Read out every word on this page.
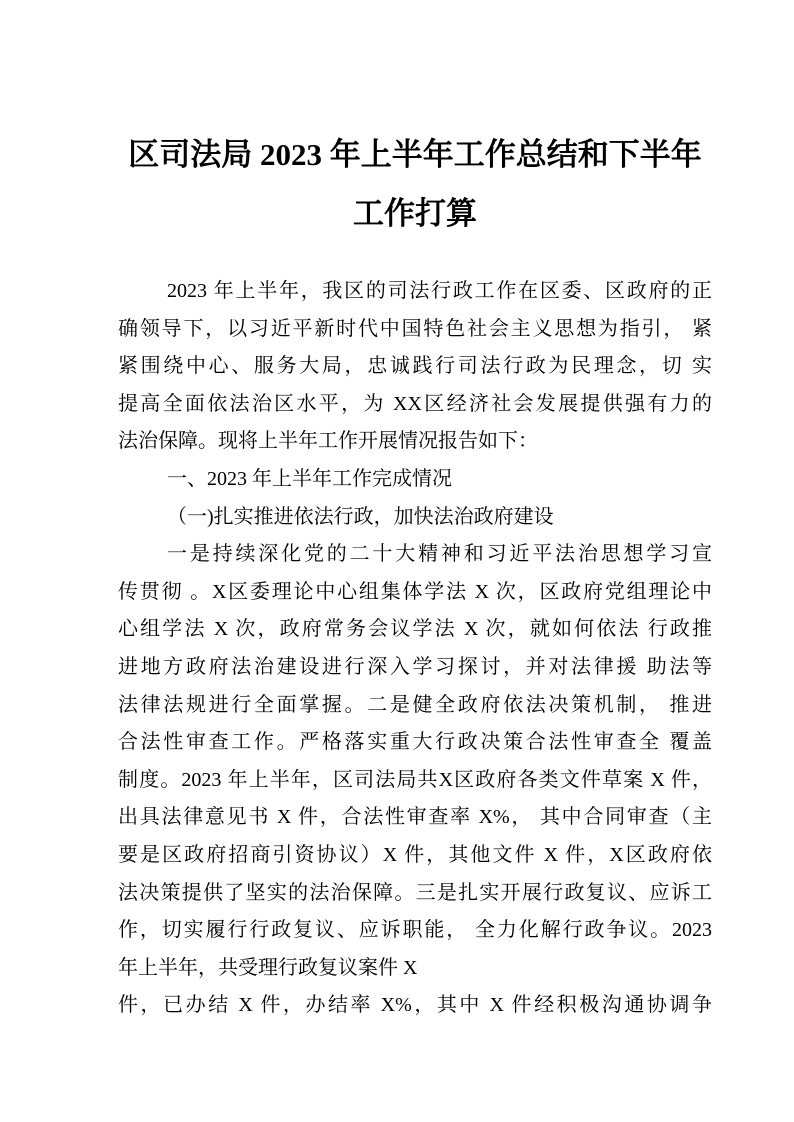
区司法局 2023 年上半年工作总结和下半年
工作打算
2023 年上半年，我区的司法行政工作在区委、区政府的正
确领导下，以习近平新时代中国特色社会主义思想为指引， 紧
紧围绕中心、服务大局，忠诚践行司法行政为民理念，切 实
提高全面依法治区水平，为 XX区经济社会发展提供强有力的
法治保障。现将上半年工作开展情况报告如下：
一、2023 年上半年工作完成情况
（一)扎实推进依法行政，加快法治政府建设
一是持续深化党的二十大精神和习近平法治思想学习宣
传贯彻 。X区委理论中心组集体学法 X 次，区政府党组理论中
心组学法 X 次，政府常务会议学法 X 次，就如何依法 行政推
进地方政府法治建设进行深入学习探讨，并对法律援 助法等
法律法规进行全面掌握。二是健全政府依法决策机制， 推进
合法性审查工作。严格落实重大行政决策合法性审查全 覆盖
制度。2023 年上半年，区司法局共X区政府各类文件草案 X 件，
出具法律意见书 X 件，合法性审查率 X%， 其中合同审查（主
要是区政府招商引资协议）X 件，其他文件 X 件，X区政府依
法决策提供了坚实的法治保障。三是扎实开展行政复议、应诉工
作，切实履行行政复议、应诉职能， 全力化解行政争议。2023
年上半年，共受理行政复议案件 X
件，已办结 X 件，办结率 X%，其中 X 件经积极沟通协调争
